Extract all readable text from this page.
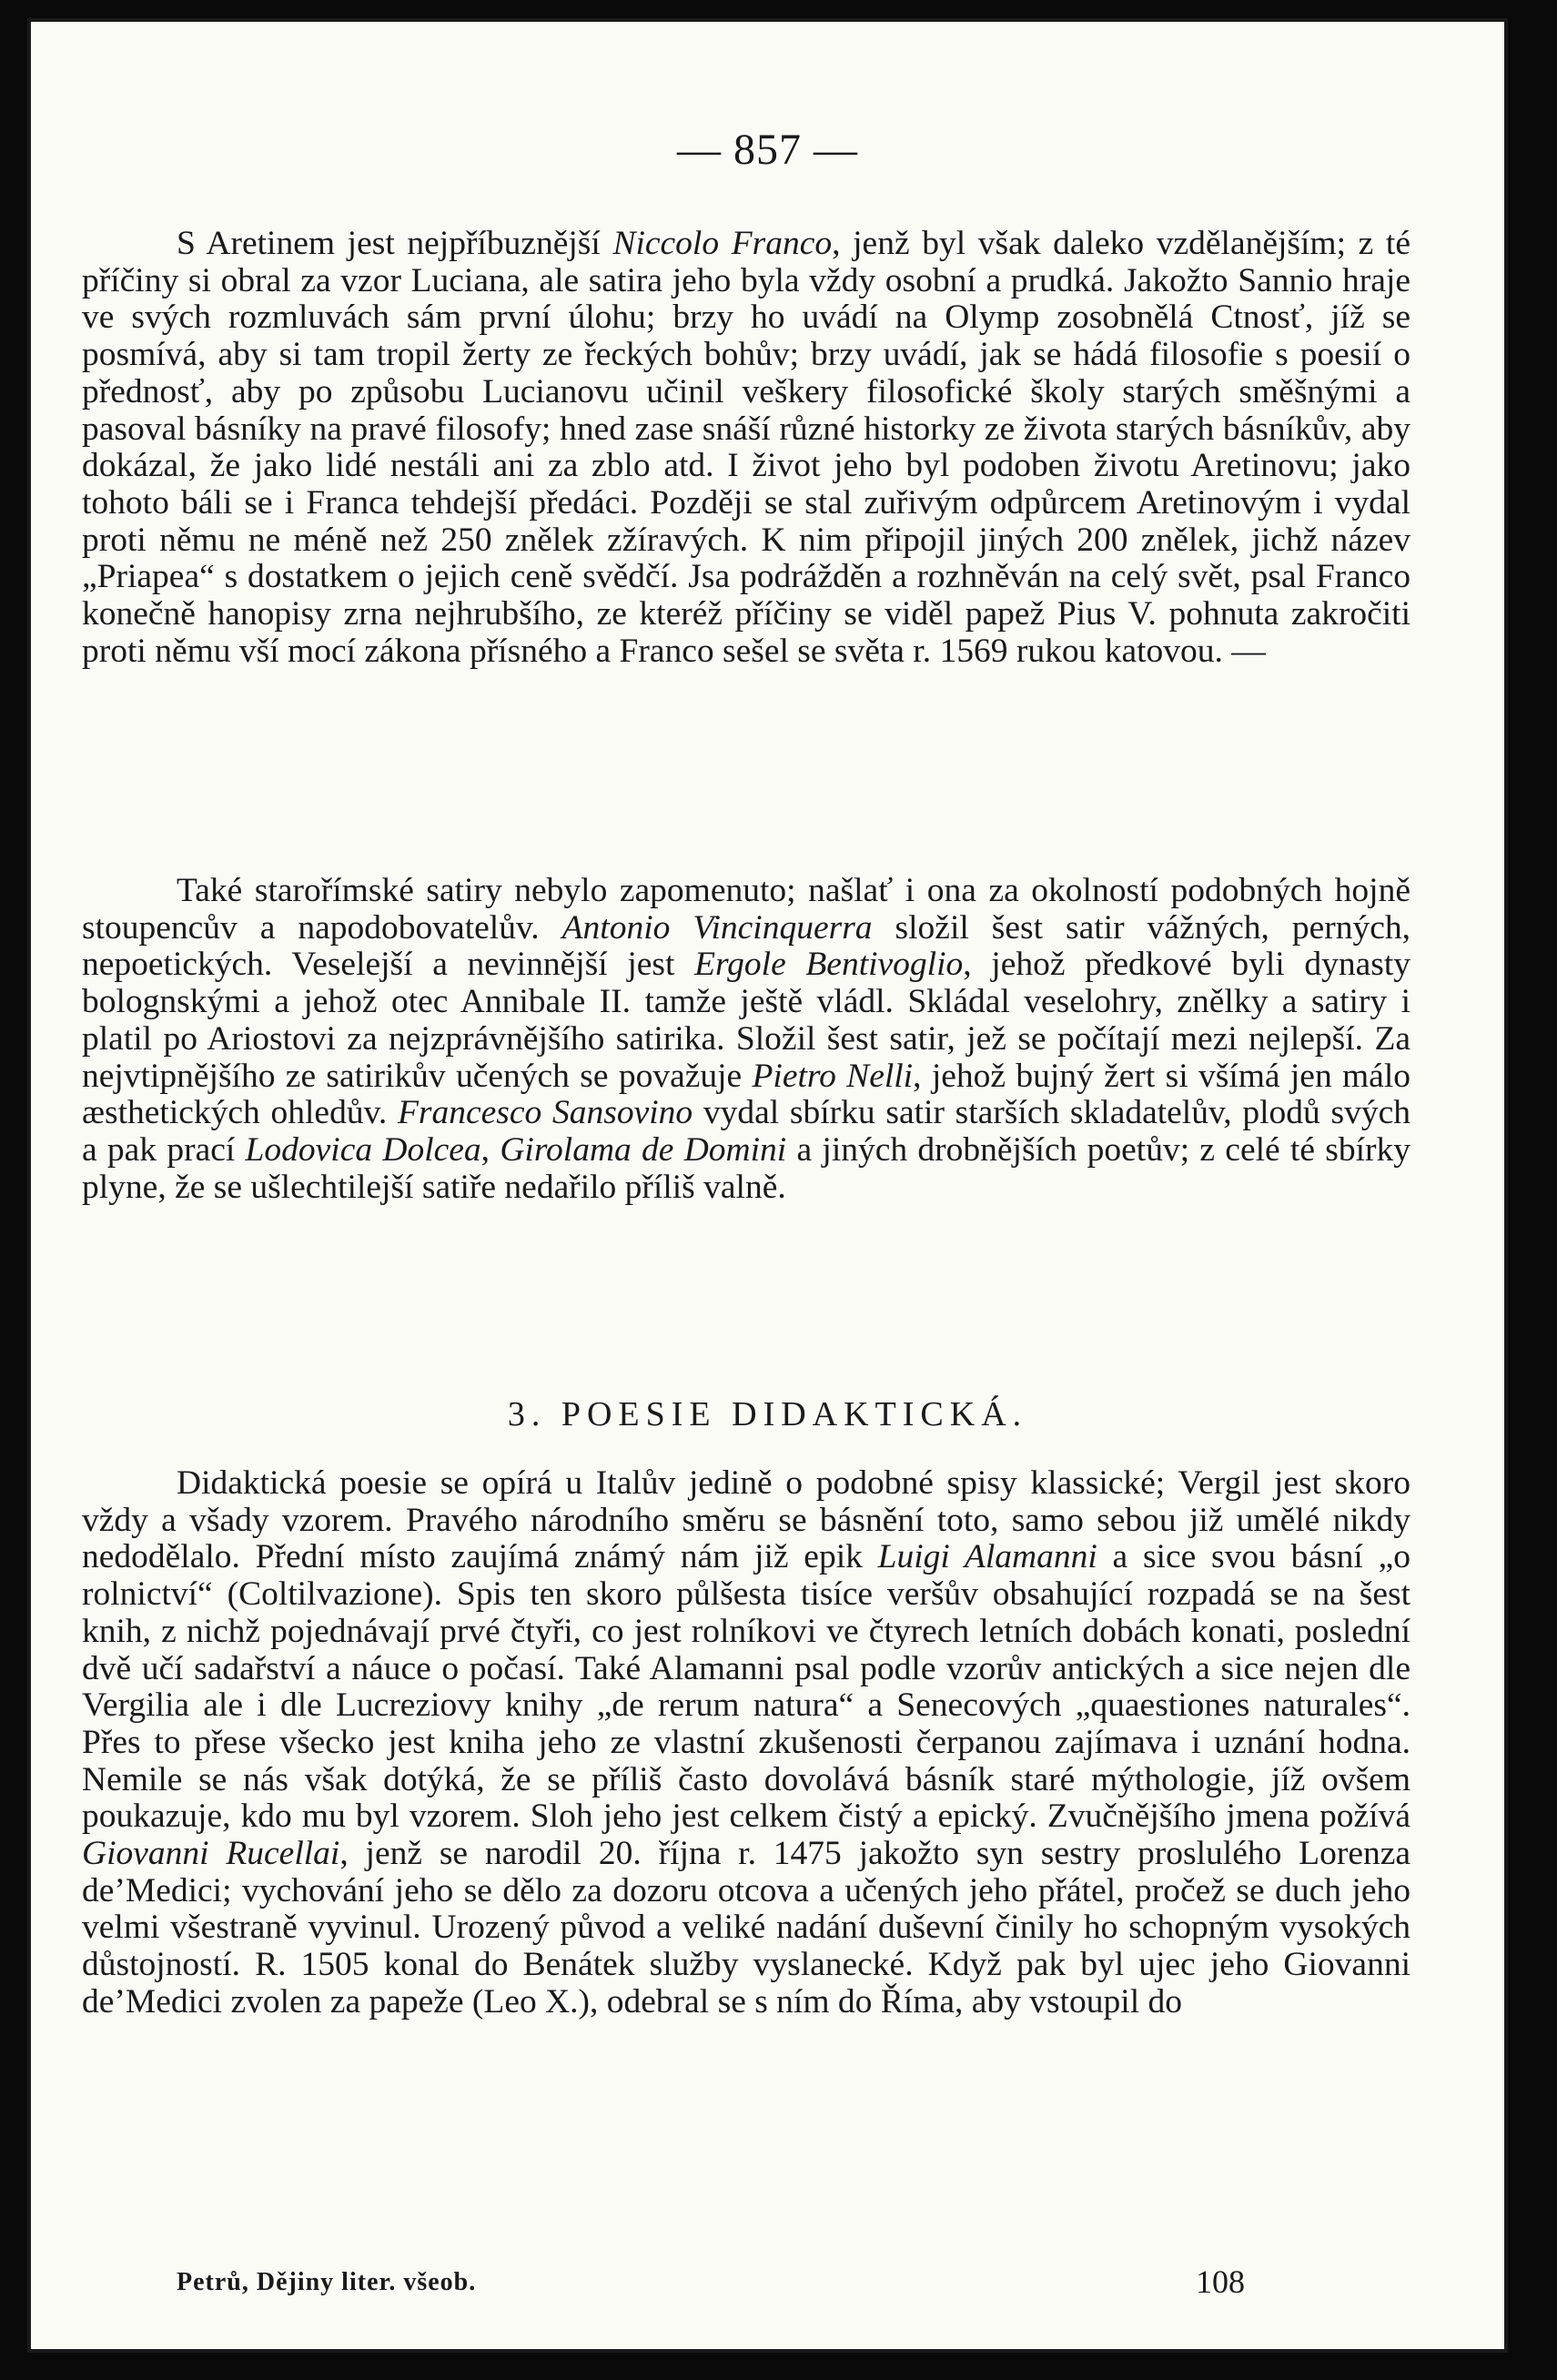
— 857 —

S Aretinem jest nejpříbuznější Niccolo Franco, jenž byl však daleko vzdělanějším; z té příčiny si obral za vzor Luciana, ale satira jeho byla vždy osobní a prudká. Jakožto Sannio hraje ve svých rozmluvách sám první úlohu; brzy ho uvádí na Olymp zosobnělá Ctnosť, jíž se posmívá, aby si tam tropil žerty ze řeckých bohův; brzy uvádí, jak se hádá filosofie s poesií o přednosť, aby po způsobu Lucianovu učinil veškery filosofické školy starých směšnými a pasoval básníky na pravé filosofy; hned zase snáší různé historky ze života starých básníkův, aby dokázal, že jako lidé nestáli ani za zblo atd. I život jeho byl podoben životu Aretinovu; jako tohoto báli se i Franca tehdejší předáci. Později se stal zuřivým odpůrcem Aretinovým i vydal proti němu ne méně než 250 znělek zžíravých. K nim připojil jiných 200 znělek, jichž název „Priapea“ s dostatkem o jejich ceně svědčí. Jsa podrážděn a rozhněván na celý svět, psal Franco konečně hanopisy zrna nejhrubšího, ze kteréž příčiny se viděl papež Pius V. pohnuta zakročiti proti němu vší mocí zákona přísného a Franco sešel se světa r. 1569 rukou katovou. —

Také starořímské satiry nebylo zapomenuto; našlať i ona za okolností podobných hojně stoupencův a napodobovatelův. Antonio Vincinquerra složil šest satir vážných, perných, nepoetických. Veselejší a nevinnější jest Ergole Bentivoglio, jehož předkové byli dynasty bolognskými a jehož otec Annibale II. tamže ještě vládl. Skládal veselohry, znělky a satiry i platil po Ariostovi za nejzprávnějšího satirika. Složil šest satir, jež se počítají mezi nejlepší. Za nejvtipnějšího ze satirikův učených se považuje Pietro Nelli, jehož bujný žert si všímá jen málo æsthetických ohledův. Francesco Sansovino vydal sbírku satir starších skladatelův, plodů svých a pak prací Lodovica Dolcea, Girolama de Domini a jiných drobnějších poetův; z celé té sbírky plyne, že se ušlechtilejší satiře nedařilo příliš valně.

3. POESIE DIDAKTICKÁ.

Didaktická poesie se opírá u Italův jedině o podobné spisy klassické; Vergil jest skoro vždy a všady vzorem. Pravého národního směru se básnění toto, samo sebou již umělé nikdy nedodělalo. Přední místo zaujímá známý nám již epik Luigi Alamanni a sice svou básní „o rolnictví“ (Coltilvazione). Spis ten skoro půlšesta tisíce veršův obsahující rozpadá se na šest knih, z nichž pojednávají prvé čtyři, co jest rolníkovi ve čtyrech letních dobách konati, poslední dvě učí sadařství a náuce o počasí. Také Alamanni psal podle vzorův antických a sice nejen dle Vergilia ale i dle Lucreziovy knihy „de rerum natura“ a Senecových „quaestiones naturales“. Přes to přese všecko jest kniha jeho ze vlastní zkušenosti čerpanou zajímava i uznání hodna. Nemile se nás však dotýká, že se příliš často dovolává básník staré mýthologie, jíž ovšem poukazuje, kdo mu byl vzorem. Sloh jeho jest celkem čistý a epický. Zvučnějšího jmena požívá Giovanni Rucellai, jenž se narodil 20. října r. 1475 jakožto syn sestry proslulého Lorenza de’Medici; vychování jeho se dělo za dozoru otcova a učených jeho přátel, pročež se duch jeho velmi všestraně vyvinul. Urozený původ a veliké nadání duševní činily ho schopným vysokých důstojností. R. 1505 konal do Benátek služby vyslanecké. Když pak byl ujec jeho Giovanni de’Medici zvolen za papeže (Leo X.), odebral se s ním do Říma, aby vstoupil do

Petrů, Dějiny liter. všeob.	108
